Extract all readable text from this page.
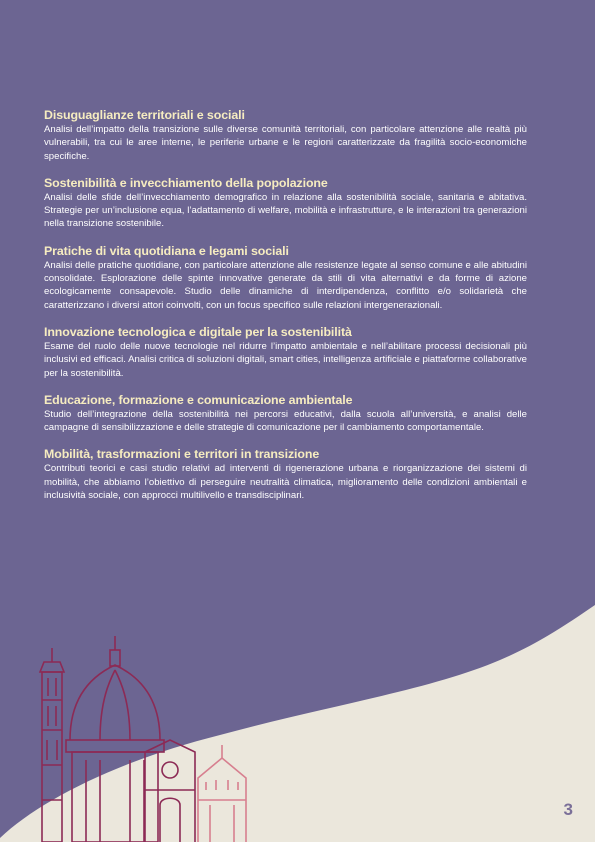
Disuguaglianze territoriali e sociali

Analisi dell’impatto della transizione sulle diverse comunità territoriali, con particolare attenzione alle realtà più vulnerabili, tra cui le aree interne, le periferie urbane e le regioni caratterizzate da fragilità socio-economiche specifiche.

Sostenibilità e invecchiamento della popolazione

Analisi delle sfide dell’invecchiamento demografico in relazione alla sostenibilità sociale, sanitaria e abitativa. Strategie per un’inclusione equa, l’adattamento di welfare, mobilità e infrastrutture, e le interazioni tra generazioni nella transizione sostenibile.

Pratiche di vita quotidiana e legami sociali

Analisi delle pratiche quotidiane, con particolare attenzione alle resistenze legate al senso comune e alle abitudini consolidate. Esplorazione delle spinte innovative generate da stili di vita alternativi e da forme di azione ecologicamente consapevole. Studio delle dinamiche di interdipendenza, conflitto e/o solidarietà che caratterizzano i diversi attori coinvolti, con un focus specifico sulle relazioni intergenerazionali.

Innovazione tecnologica e digitale per la sostenibilità

Esame del ruolo delle nuove tecnologie nel ridurre l’impatto ambientale e nell’abilitare processi decisionali più inclusivi ed efficaci. Analisi critica di soluzioni digitali, smart cities, intelligenza artificiale e piattaforme collaborative per la sostenibilità.

Educazione, formazione e comunicazione ambientale

Studio dell’integrazione della sostenibilità nei percorsi educativi, dalla scuola all’università, e analisi delle campagne di sensibilizzazione e delle strategie di comunicazione per il cambiamento comportamentale.

Mobilità, trasformazioni e territori in transizione

Contributi teorici e casi studio relativi ad interventi di rigenerazione urbana e riorganizzazione dei sistemi di mobilità, che abbiamo l’obiettivo di perseguire neutralità climatica, miglioramento delle condizioni ambientali e inclusività sociale, con approcci multilivello e transdisciplinari.

3
